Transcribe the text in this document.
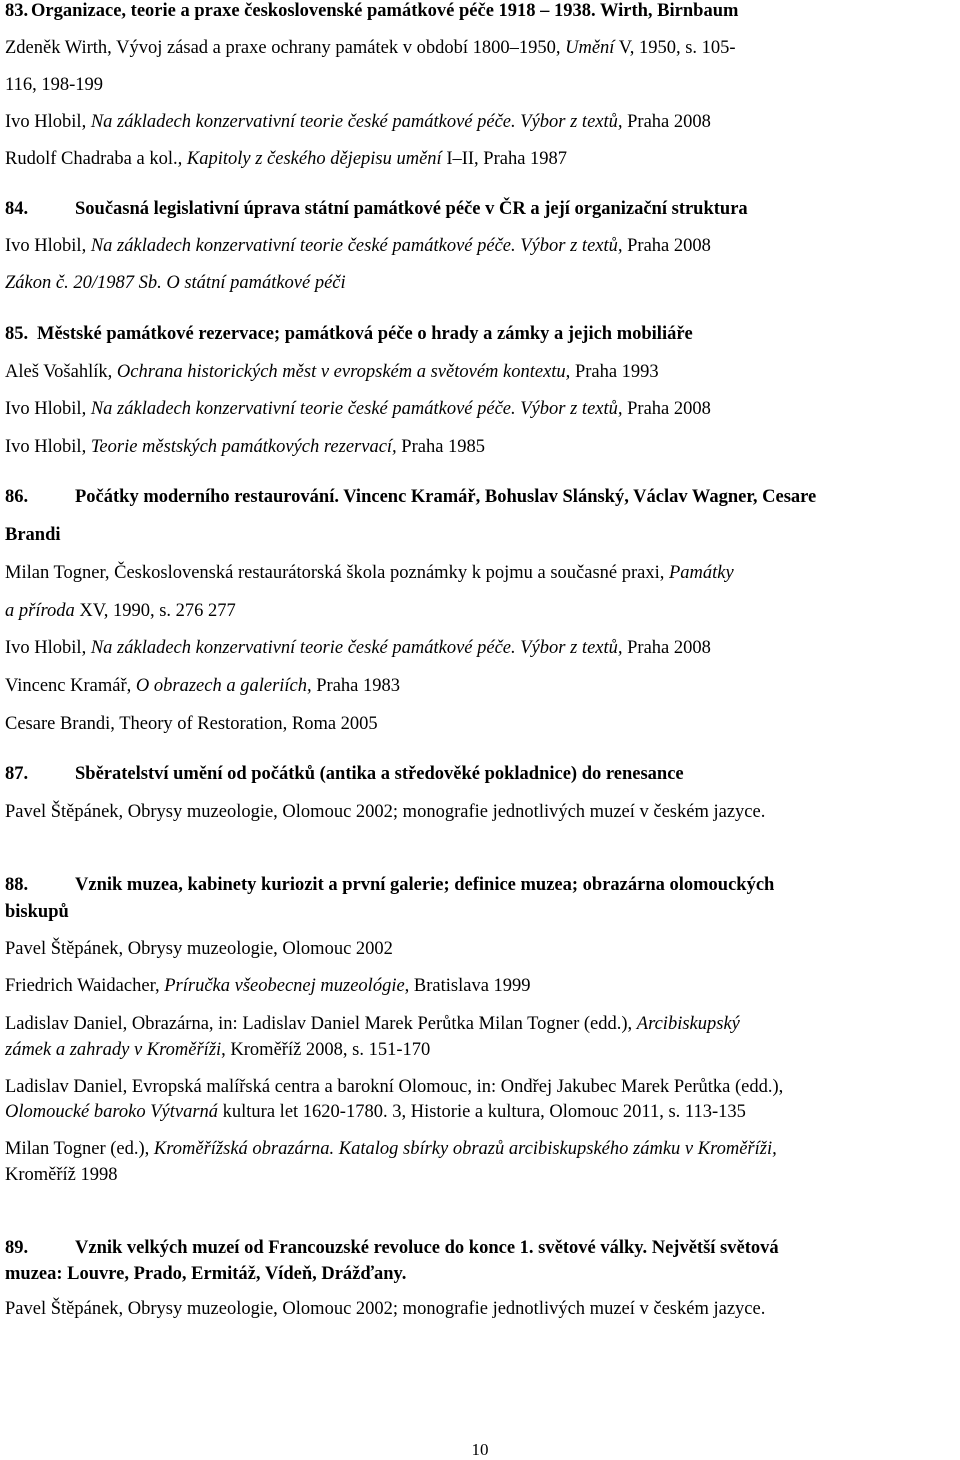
83. Organizace, teorie a praxe československé památkové péče 1918 – 1938. Wirth, Birnbaum
Zdeněk Wirth, Vývoj zásad a praxe ochrany památek v období 1800–1950, Umění V, 1950, s. 105-
116, 198-199
Ivo Hlobil, Na základech konzervativní teorie české památkové péče. Výbor z textů, Praha 2008
Rudolf Chadraba a kol., Kapitoly z českého dějepisu umění I–II, Praha 1987
84.	Současná legislativní úprava státní památkové péče v ČR a její organizační struktura
Ivo Hlobil, Na základech konzervativní teorie české památkové péče. Výbor z textů, Praha 2008
Zákon č. 20/1987 Sb. O státní památkové péči
85. Městské památkové rezervace; památková péče o hrady a zámky a jejich mobiliáře
Aleš Vošahlík, Ochrana historických měst v evropském a světovém kontextu, Praha 1993
Ivo Hlobil, Na základech konzervativní teorie české památkové péče. Výbor z textů, Praha 2008
Ivo Hlobil, Teorie městských památkových rezervací, Praha 1985
86.	Počátky moderního restaurování. Vincenc Kramář, Bohuslav Slánský, Václav Wagner, Cesare
Brandi
Milan Togner, Československá restaurátorská škola poznámky k pojmu a současné praxi, Památky
a příroda XV, 1990, s. 276 277
Ivo Hlobil, Na základech konzervativní teorie české památkové péče. Výbor z textů, Praha 2008
Vincenc Kramář, O obrazech a galeriích, Praha 1983
Cesare Brandi, Theory of Restoration, Roma 2005
87.	Sběratelství umění od počátků (antika a středověké pokladnice) do renesance
Pavel Štěpánek, Obrysy muzeologie, Olomouc 2002; monografie jednotlivých muzeí v českém jazyce.
88.	Vznik muzea, kabinety kuriozit a první galerie; definice muzea; obrazárna olomouckých
biskupů
Pavel Štěpánek, Obrysy muzeologie, Olomouc 2002
Friedrich Waidacher, Príručka všeobecnej muzeológie, Bratislava 1999
Ladislav Daniel, Obrazárna, in: Ladislav Daniel Marek Perůtka Milan Togner (edd.), Arcibiskupský
zámek a zahrady v Kroměříži, Kroměříž 2008, s. 151-170
Ladislav Daniel, Evropská malířská centra a barokní Olomouc, in: Ondřej Jakubec Marek Perůtka (edd.),
Olomoucké baroko Výtvarná kultura let 1620-1780. 3, Historie a kultura, Olomouc 2011, s. 113-135
Milan Togner (ed.), Kroměřížská obrazárna. Katalog sbírky obrazů arcibiskupského zámku v Kroměříži,
Kroměříž 1998
89.	Vznik velkých muzeí od Francouzské revoluce do konce 1. světové války. Největší světová
muzea: Louvre, Prado, Ermitáž, Vídeň, Drážďany.
Pavel Štěpánek, Obrysy muzeologie, Olomouc 2002; monografie jednotlivých muzeí v českém jazyce.
10
